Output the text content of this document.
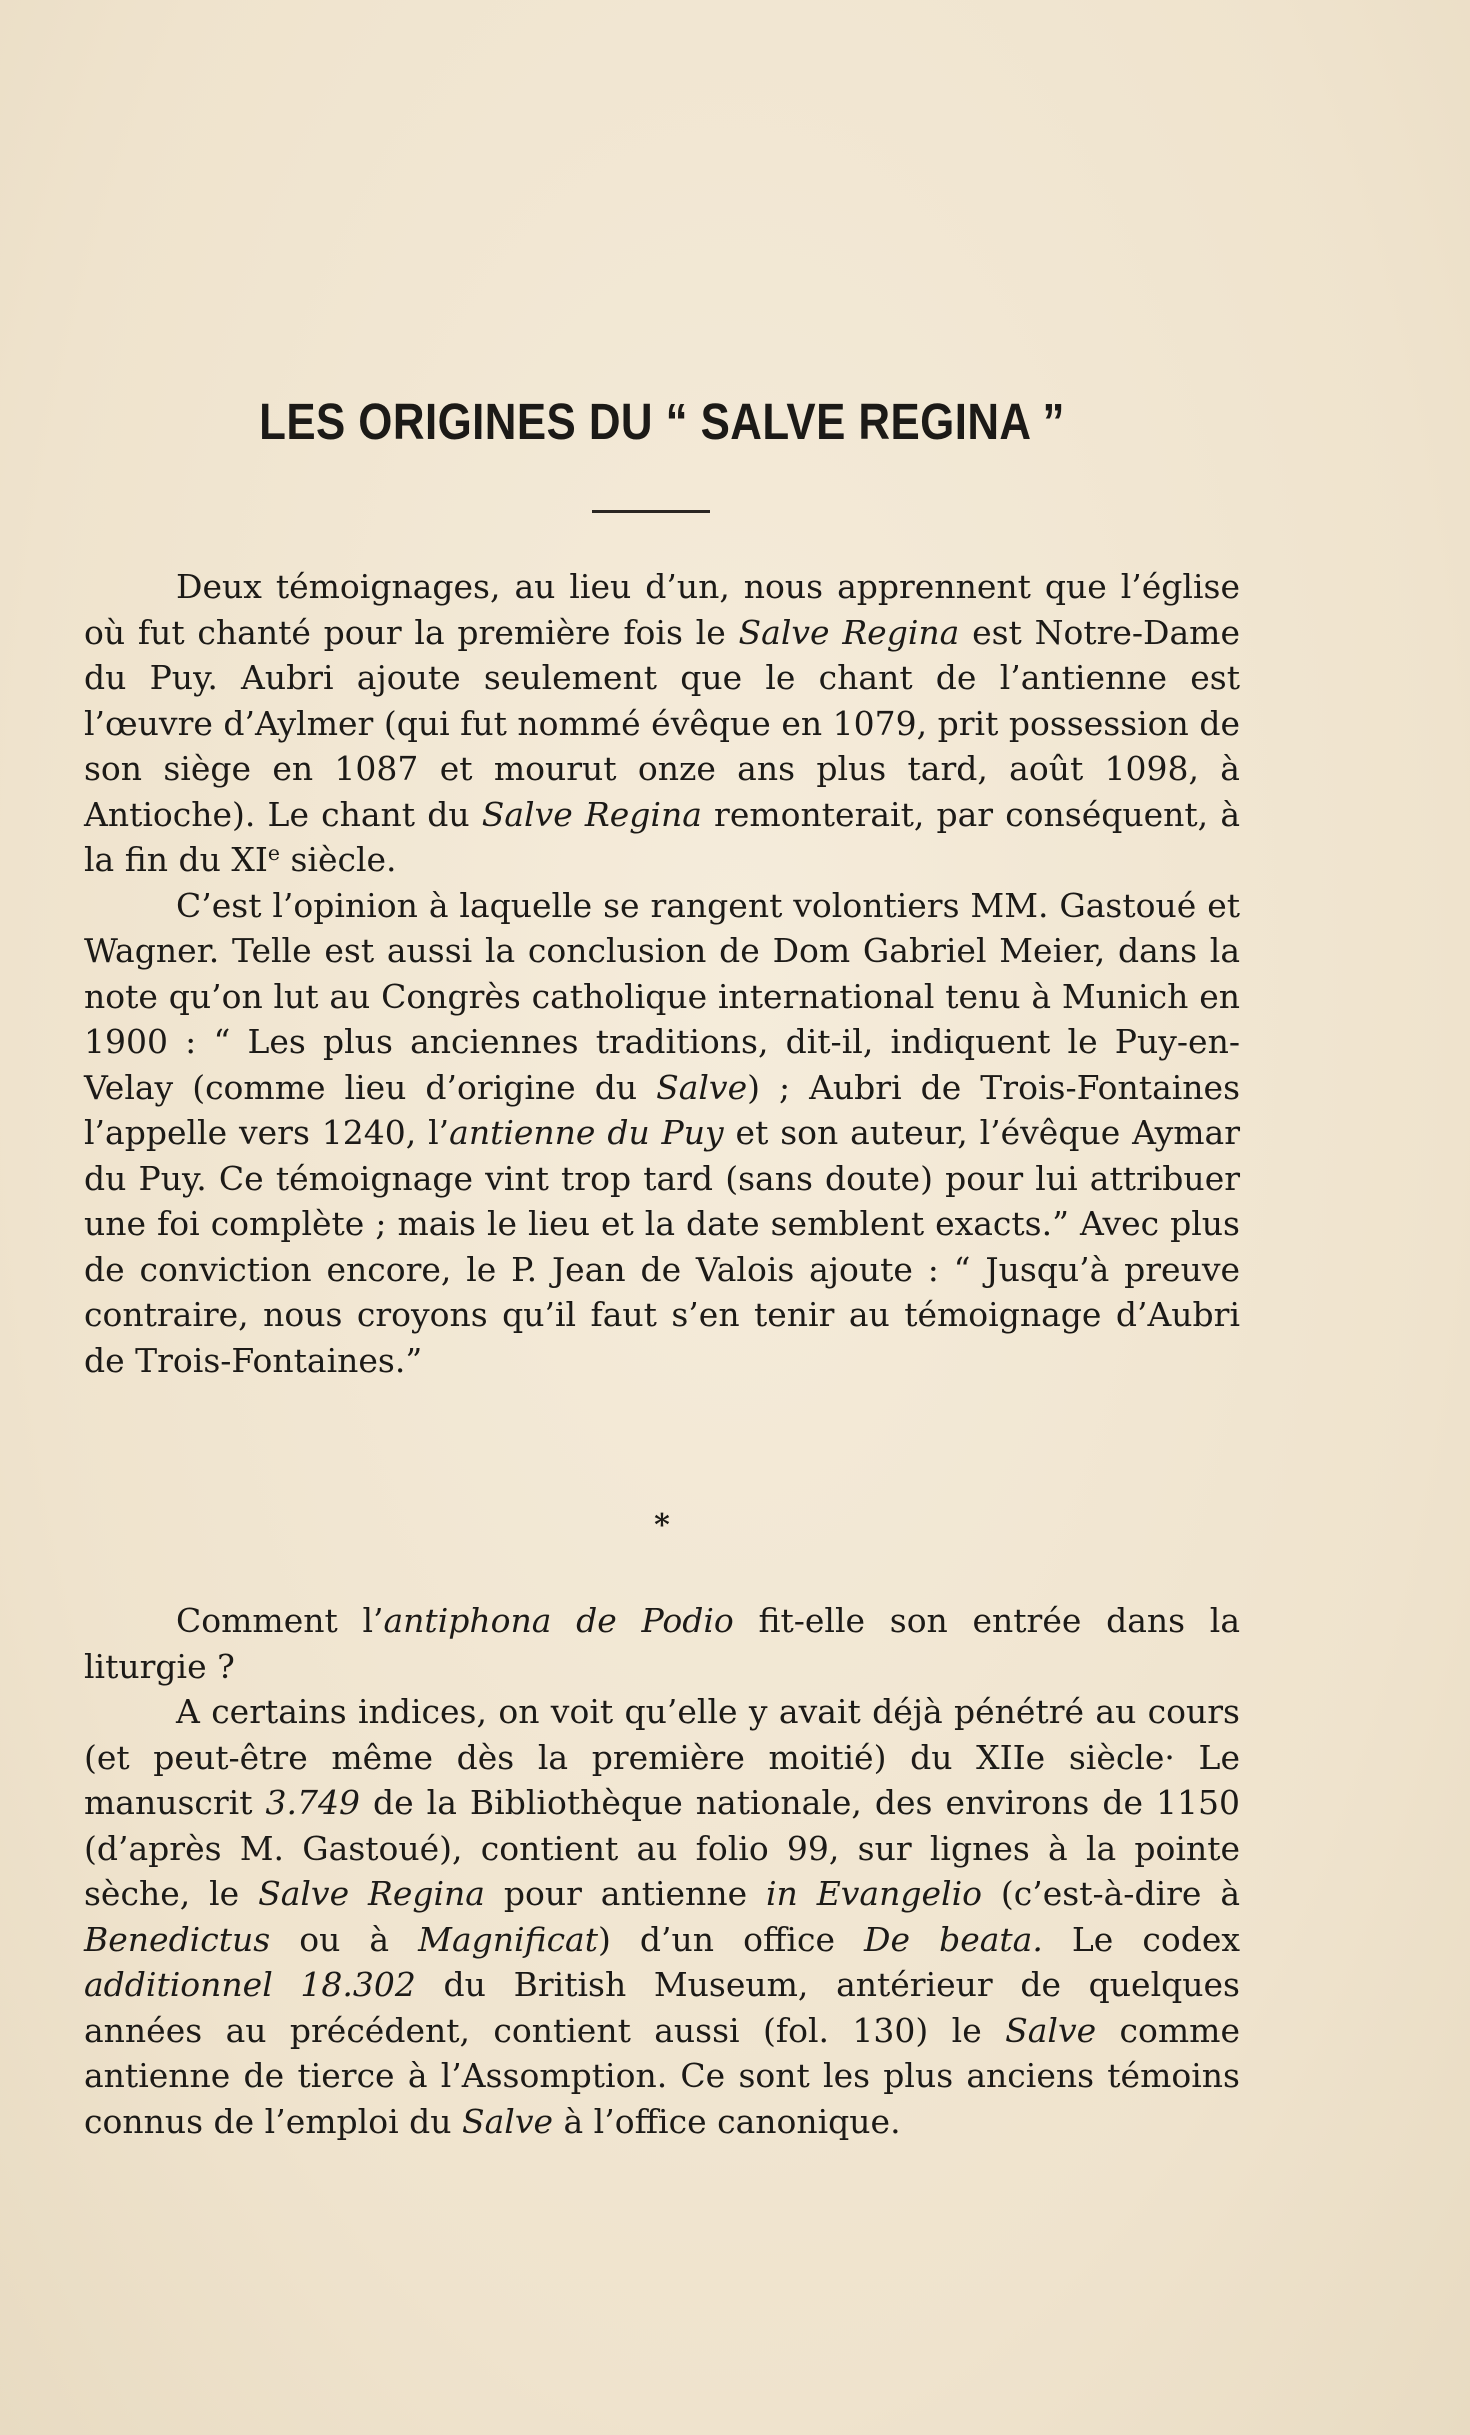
LES ORIGINES DU “ SALVE REGINA ”

Deux témoignages, au lieu d’un, nous apprennent que l’église où fut chanté pour la première fois le Salve Regina est Notre-Dame du Puy. Aubri ajoute seulement que le chant de l’antienne est l’œuvre d’Aylmer (qui fut nommé évêque en 1079, prit possession de son siège en 1087 et mourut onze ans plus tard, août 1098, à Antioche). Le chant du Salve Regina remonterait, par conséquent, à la fin du XIe siècle.

C’est l’opinion à laquelle se rangent volontiers MM. Gastoué et Wagner. Telle est aussi la conclusion de Dom Gabriel Meier, dans la note qu’on lut au Congrès catholique international tenu à Munich en 1900 : “ Les plus anciennes traditions, dit-il, indiquent le Puy-en-Velay (comme lieu d’origine du Salve) ; Aubri de Trois-Fontaines l’appelle vers 1240, l’antienne du Puy et son auteur, l’évêque Aymar du Puy. Ce témoignage vint trop tard (sans doute) pour lui attribuer une foi complète ; mais le lieu et la date semblent exacts.” Avec plus de conviction encore, le P. Jean de Valois ajoute : “ Jusqu’à preuve contraire, nous croyons qu’il faut s’en tenir au témoignage d’Aubri de Trois-Fontaines.”

*

Comment l’antiphona de Podio fit-elle son entrée dans la liturgie ?

A certains indices, on voit qu’elle y avait déjà pénétré au cours (et peut-être même dès la première moitié) du XIIe siècle· Le manuscrit 3.749 de la Bibliothèque nationale, des environs de 1150 (d’après M. Gastoué), contient au folio 99, sur lignes à la pointe sèche, le Salve Regina pour antienne in Evangelio (c’est-à-dire à Benedictus ou à Magnificat) d’un office De beata. Le codex additionnel 18.302 du British Museum, antérieur de quelques années au précédent, contient aussi (fol. 130) le Salve comme antienne de tierce à l’Assomption. Ce sont les plus anciens témoins connus de l’emploi du Salve à l’office canonique.
